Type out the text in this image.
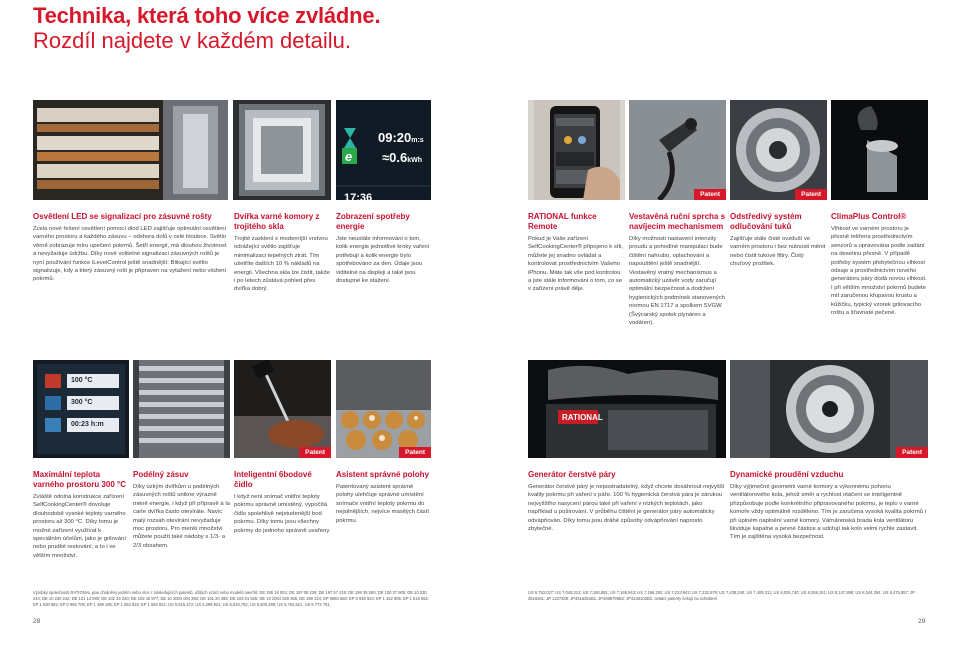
Technika, která toho více zvládne.
Rozdíl najdete v každém detailu.
e
09:20m:s
≈0.6kWh
17:36	Patent	Patent
Osvětlení LED se signalizací pro zásuvné rošty

Zcela nové řešení osvětlení pomocí diod LED zajišťuje optimální osvětlení varného prostoru a každého zásuvu – odshora dolů v celé hloubce. Světlo věrně zobrazuje míru upečení pokrmů. Šetří energií, má dlouhou životnost a nevyžaduje údržbu. Díky nové volitelné signalizaci zásuvných roštů je nyní používání funkce iLevelControl ještě snadnější: Blikající světlo signalizuje, kdy a který zásuvný rošt je připraven na vytažení nebo vložení pokrmů.

Dvířka varné komory z trojitého skla

Trojité zasklení s moderníjší vrstvou odrážející světlo zajišťuje minimalizaci tepelných ztrát. Tím ušetříte dalších 10 % nákladů na energii. Všechna skla lze čistit, takže i po letech zůstává pohled přes dvířka dobrý.

Zobrazení spotřeby energie

Jste neustále informováni o tom, kolik energie jednotlivé kroky vaření potřebují a kolik energie bylo spotřebováno za den. Údaje jsou viditelné na displeji a také jsou dostupné ke stažení.

RATIONAL funkce Remote

Pokud je Vaše zařízení SelfCookingCenter® připojeno k síti, můžete jej snadno ovládat a kontrolovat prostřednictvím Vašeho iPhonu. Máte tak vše pod kontrolou a jste stále informováni o tom, co se v zařízení právě děje.

Vestavěná ruční sprcha s navíjecím mechanismem

Díky možnosti nastavení intenzity proudu a pohodlné manipulaci bude čištění nahrubo, oplachování a napouštění ještě snadnější. Vestavěný vratný mechanismus a automatický uzávěr vody zaručují optimální bezpečnost a dodržení hygienických podmínek stanovených normou EN 1717 a spolkem SVGW (Švýcarský spolek plynáren a vodáren).

Odstředivý systém odlučování tuků

Zajišťuje stále čisté ovzduší ve varném prostoru i bez nutnosti měnit nebo čistit tukové filtry. Čistý chuťový prožitek.

ClimaPlus Control®

Vlhkost ve varném prostoru je přesně měřena prostřednictvím senzorů a upravována podle zadání na desetinu přesně. V případě potřeby systém přebytečnou vlhkost odsaje a prostřednictvím nového generátoru páry dodá novou vlhkost. I při větším množství pokrmů budete mít zaručenou křupavou krustu a kůžičku, typický vzorek grilovacího roštu a šťavnaté pečeně.

100 °C
300 °C
00:23 h:m
Patent	Patent
RATIONAL
Patent
Maximální teplota varného prostoru 300 °C

Zvláště odolná konstrukce zařízení SelfCookingCenter® dovoluje dlouhodobě vysoké teploty varného prostoru až 300 °C. Díky tomu je možné zařízení využívat k speciálním účelům, jako je grilování nebo prudké restování, a to i ve větším množství.

Podélný zásuv

Díky úzkým dvířkům u podélných zásuvných roštů unikne výrazně méně energie, i když při přípravě à la carte dvířka často otevíráte. Navíc malý rozsah otevírání nevyžaduje moc prostoru. Pro menší množství můžete použít také nádoby s 1/3- a 2/3 obsahem.

Inteligentní 6bodové čidlo

I když není snímač vnitřní teploty pokrmu správně umístěný, vypočítá čidlo spolehlivě nejstudenější bod pokrmu. Díky tomu jsou všechny pokrmy do jednoho správně uvařeny.

Asistent správné polohy

Patentovaný asistent správné polohy ulehčuje správné umístění snímače vnitřní teploty pokrmu do nejsilnějších, nejvíce masitých částí pokrmu.

Generátor čerstvé páry

Generátor čerstvé páry je nepostradatelný, když chcete dosáhnout nejvyšší kvality pokrmu při vaření v páře. 100 % hygienická čerstvá pára je zárukou nejvyššího nasycení párou také při vaření v nízkých teplotách, jako například u pošírování. V průběhu čištění je generátor páry automaticky odvápňován. Díky tomu jsou dráhé způsoby odvápňování naprosto zbytečné.

Dynamické proudění vzduchu

Díky výjimečné geometrii varné komory a výkonnému pohonu ventilátorového kola, jehož směr a rychlost otáčení se inteligentně přizpůsobuje podle konkrétního připravovaného pokrmu, je teplo v varné komoře vždy optimálně rozděleno. Tím je zaručena vysoká kvalita pokrmů i při úplném naplnění varné komory. Várnárenská brada kola ventilátoru likviduje kapalné a pevné částice a udržují tak kolo velmi rychle zastavit. Tím je zajištěna vysoká bezpečnost.

Výrobky společnosti RATIONAL jsou chráněny jedním nebo více z následujících patentů, užitých vzorů nebo modelů navrhů: DE 195 18 004; DE 197 08 229; DE 197 57 415; DE 199 35 550; DE 100 37 905; DE 10 230 244; DE 10 230 242; DE 101 14 080; DE 102 33 340; DE 103 46 877; DE 10 2004 004 393; DE 101 20 488; DE 103 01 526; DE 10 2004 020 365; DE 198 224; EP 0883 650; EP 0 848 924; EP 1 162 905; EP 1 519 652; EP 1 530 682; EP 0 856 705; EP 1 499 195; EP 1 653 833; EP 1 682 822; US 5,915,372; US 6,299,921; US 6,510,782; US 6,600,289; US 6,752,621; US 6 772 751,
US 6,753,027; US 7,048,312; US 7,150,891; US 7,165,943; US 7,196,292; US 7,223,943; US 7,232,978; US 7,438,240; US 7,409,311; US 8,025,740; US 8,269,151; US 8,147,888; US 8,344,294; US 8,475,857; JP 3916261; JP 1227339; JP4616261B1; JP4698799B2; JP4235102B2, ostatní patenty čekají na schválení
28	29
